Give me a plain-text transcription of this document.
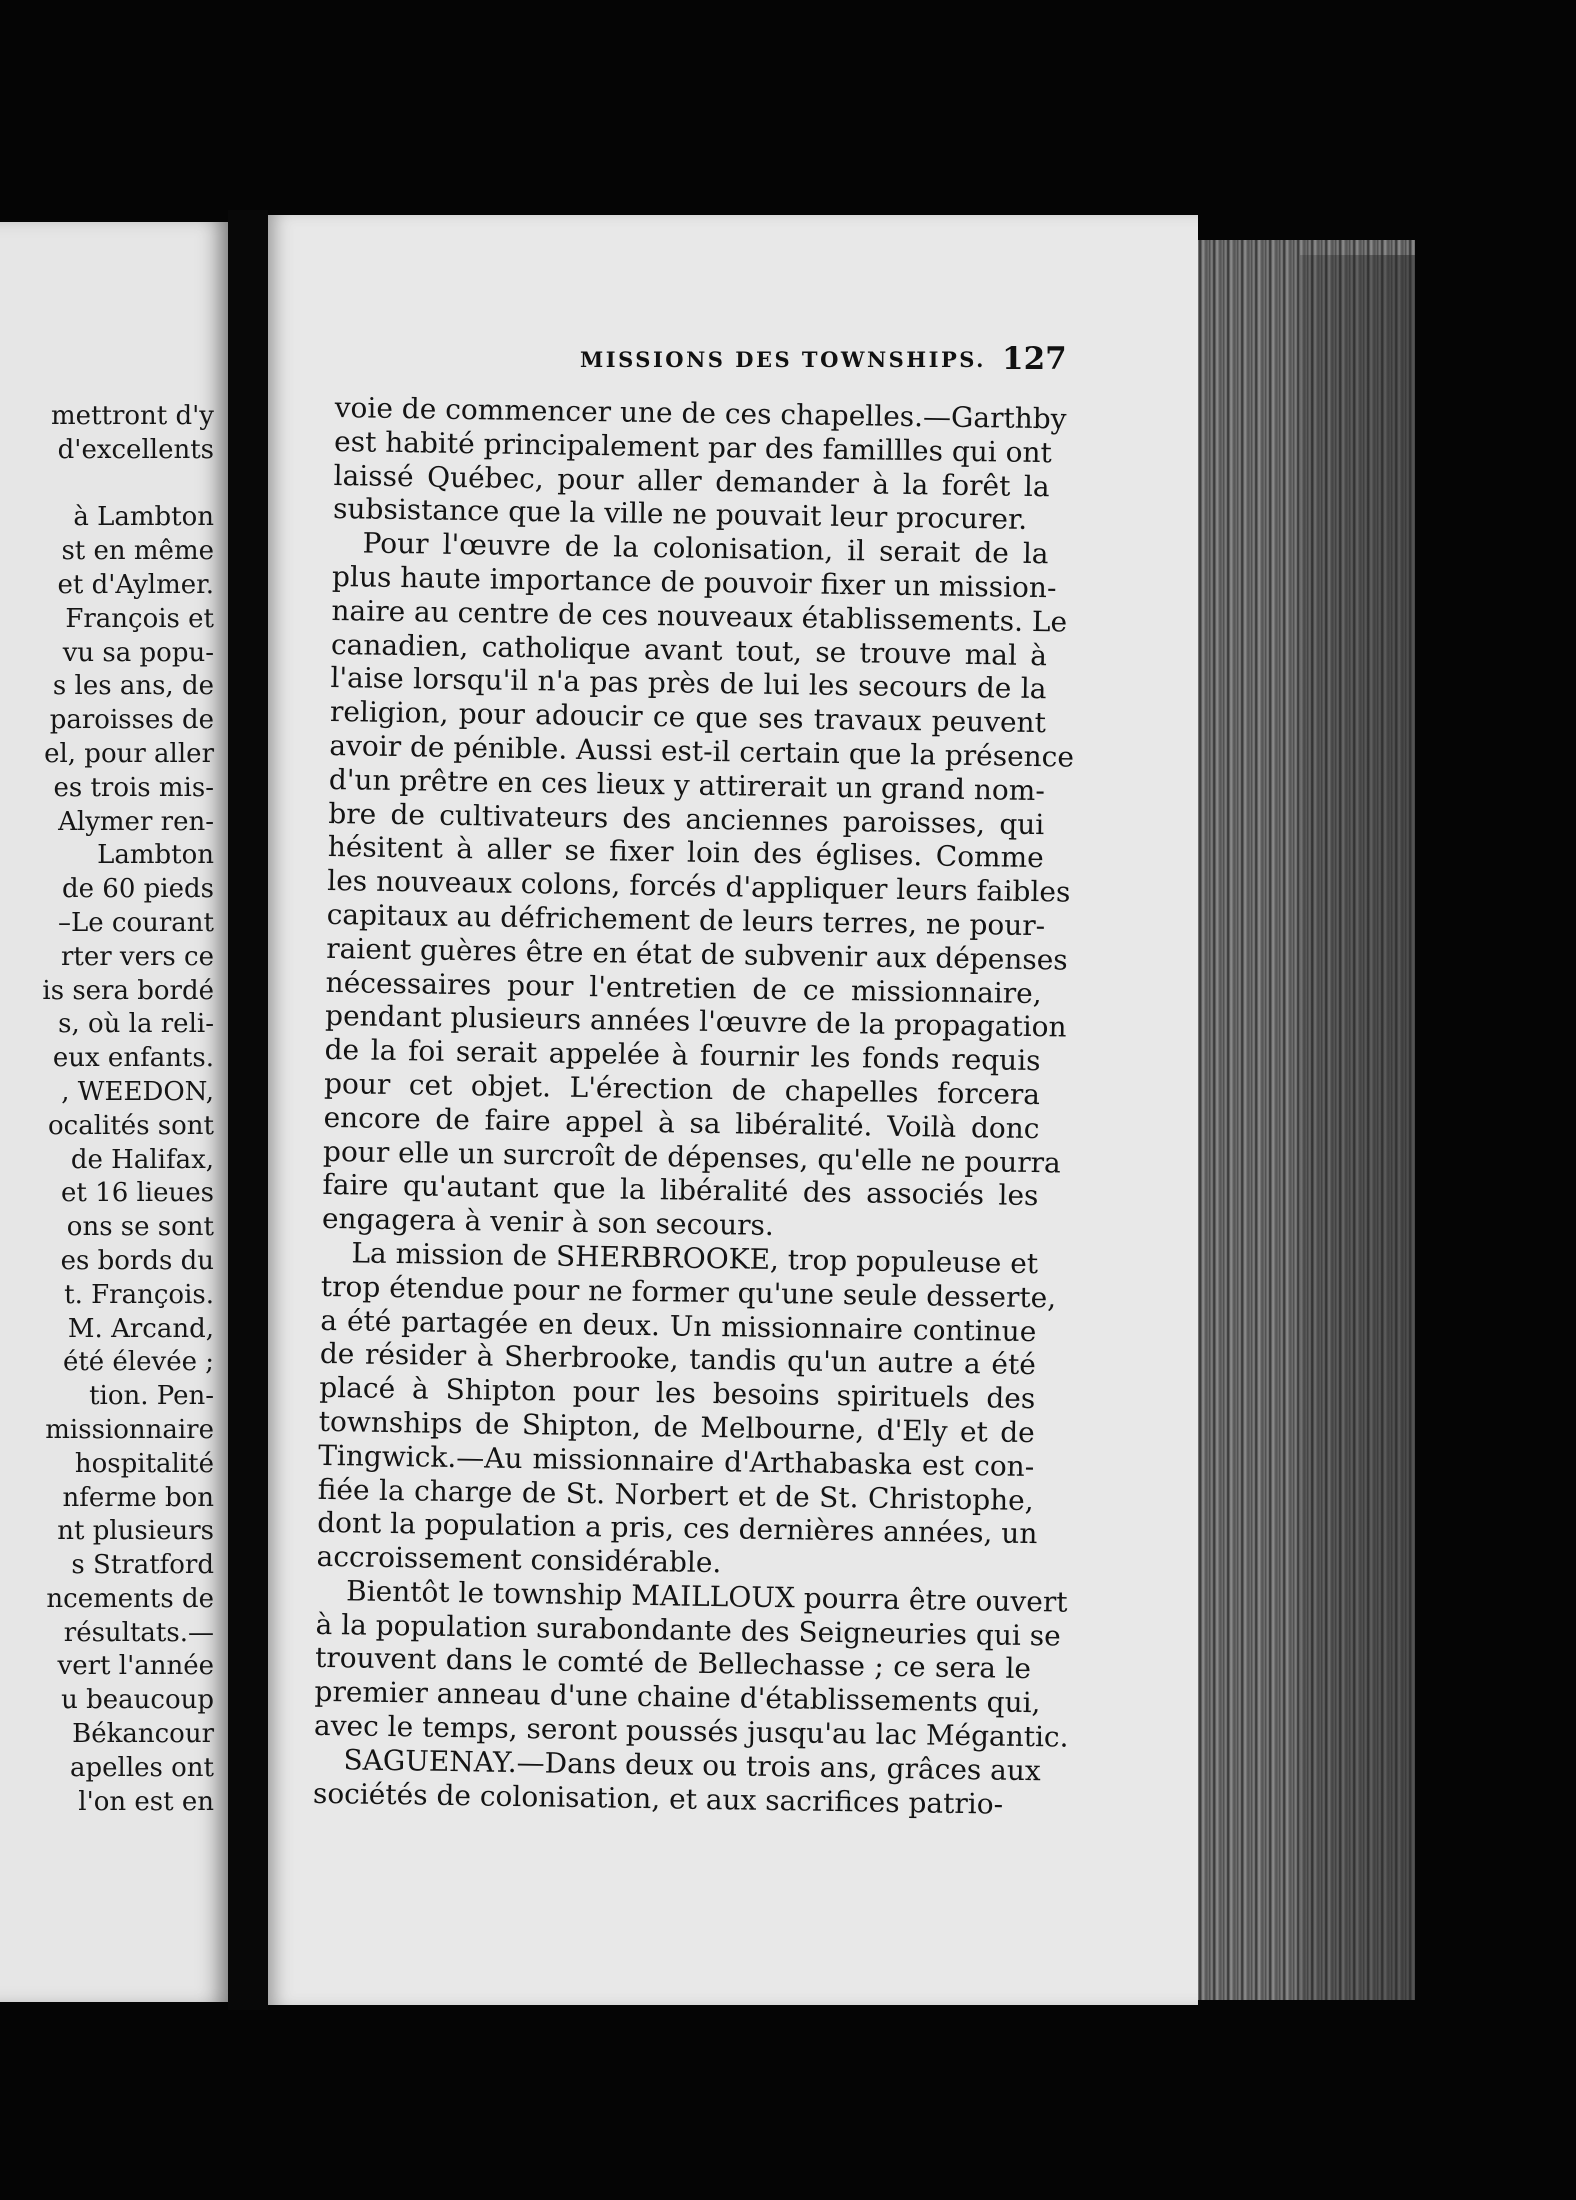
mettront d'y
d'excellents
à Lambton
st en même
et d'Aylmer.
François et
vu sa popu-
s les ans, de
paroisses de
el, pour aller
es trois mis-
Alymer ren-
Lambton
de 60 pieds
–Le courant
rter vers ce
is sera bordé
s, où la reli-
eux enfants.
, WEEDON,
ocalités sont
de Halifax,
et 16 lieues
ons se sont
es bords du
t. François.
M. Arcand,
été élevée ;
tion. Pen-
missionnaire
hospitalité
nferme bon
nt plusieurs
s Stratford
ncements de
résultats.—
vert l'année
u beaucoup
Békancour
apelles ont
l'on est en
MISSIONS DES TOWNSHIPS. 127
voie de commencer une de ces chapelles.—Garthby
est habité principalement par des famillles qui ont
laissé Québec, pour aller demander à la forêt la
subsistance que la ville ne pouvait leur procurer.
Pour l'œuvre de la colonisation, il serait de la
plus haute importance de pouvoir fixer un mission-
naire au centre de ces nouveaux établissements. Le
canadien, catholique avant tout, se trouve mal à
l'aise lorsqu'il n'a pas près de lui les secours de la
religion, pour adoucir ce que ses travaux peuvent
avoir de pénible. Aussi est-il certain que la présence
d'un prêtre en ces lieux y attirerait un grand nom-
bre de cultivateurs des anciennes paroisses, qui
hésitent à aller se fixer loin des églises. Comme
les nouveaux colons, forcés d'appliquer leurs faibles
capitaux au défrichement de leurs terres, ne pour-
raient guères être en état de subvenir aux dépenses
nécessaires pour l'entretien de ce missionnaire,
pendant plusieurs années l'œuvre de la propagation
de la foi serait appelée à fournir les fonds requis
pour cet objet. L'érection de chapelles forcera
encore de faire appel à sa libéralité. Voilà donc
pour elle un surcroît de dépenses, qu'elle ne pourra
faire qu'autant que la libéralité des associés les
engagera à venir à son secours.
La mission de SHERBROOKE, trop populeuse et
trop étendue pour ne former qu'une seule desserte,
a été partagée en deux. Un missionnaire continue
de résider à Sherbrooke, tandis qu'un autre a été
placé à Shipton pour les besoins spirituels des
townships de Shipton, de Melbourne, d'Ely et de
Tingwick.—Au missionnaire d'Arthabaska est con-
fiée la charge de St. Norbert et de St. Christophe,
dont la population a pris, ces dernières années, un
accroissement considérable.
Bientôt le township MAILLOUX pourra être ouvert
à la population surabondante des Seigneuries qui se
trouvent dans le comté de Bellechasse ; ce sera le
premier anneau d'une chaine d'établissements qui,
avec le temps, seront poussés jusqu'au lac Mégantic.
SAGUENAY.—Dans deux ou trois ans, grâces aux
sociétés de colonisation, et aux sacrifices patrio-
